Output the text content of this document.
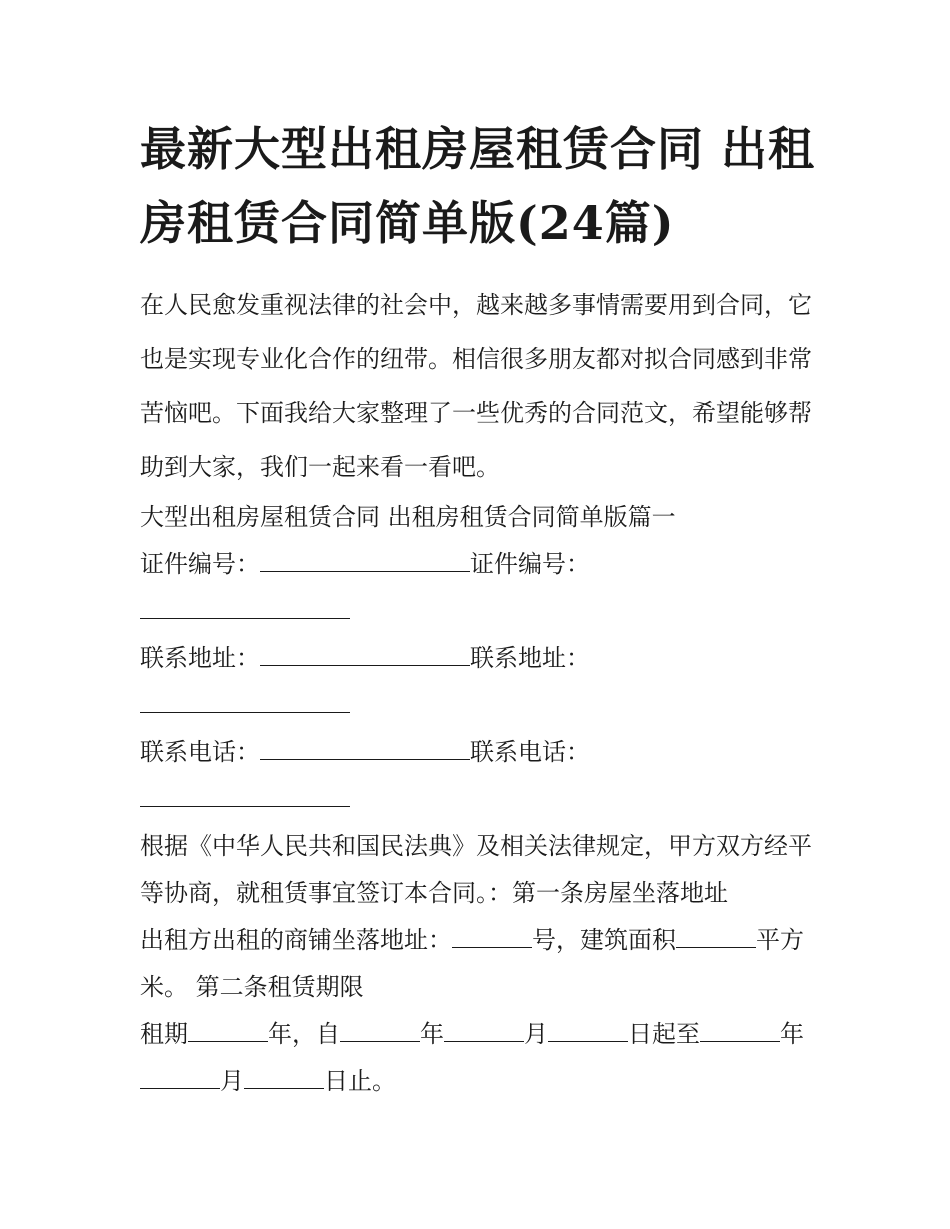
最新大型出租房屋租赁合同 出租房租赁合同简单版(24篇)

在人民愈发重视法律的社会中，越来越多事情需要用到合同，它也是实现专业化合作的纽带。相信很多朋友都对拟合同感到非常苦恼吧。下面我给大家整理了一些优秀的合同范文，希望能够帮助到大家，我们一起来看一看吧。

大型出租房屋租赁合同 出租房租赁合同简单版篇一

证件编号：	证件编号：

联系地址：	联系地址：

联系电话：	联系电话：

根据《中华人民共和国民法典》及相关法律规定，甲方双方经平等协商，就租赁事宜签订本合同。：第一条房屋坐落地址

出租方出租的商铺坐落地址：	号，建筑面积	平方米。 第二条租赁期限

租期	年，自	年	月	日起至	年月	日止。
